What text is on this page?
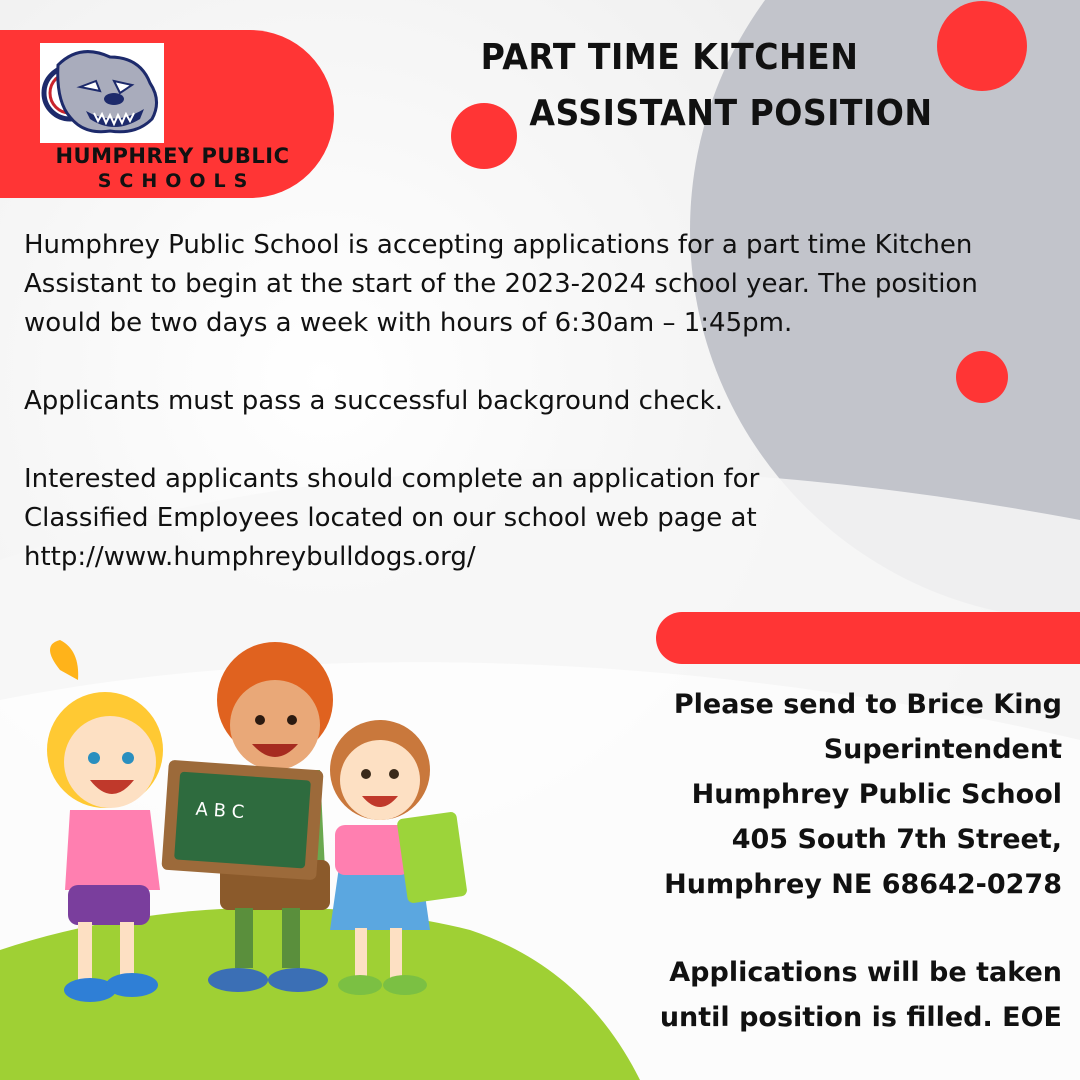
HUMPHREY PUBLIC
SCHOOLS
PART TIME KITCHEN
ASSISTANT POSITION

Humphrey Public School is accepting applications for a part time Kitchen Assistant to begin at the start of the 2023-2024 school year. The position would be two days a week with hours of 6:30am – 1:45pm.

Applicants must pass a successful background check.

Interested applicants should complete an application for

Classified Employees located on our school web page at

http://www.humphreybulldogs.org/

A B C
Please send to Brice King
Superintendent
Humphrey Public School
405 South 7th Street,
Humphrey NE 68642-0278
Applications will be taken
until position is filled. EOE
